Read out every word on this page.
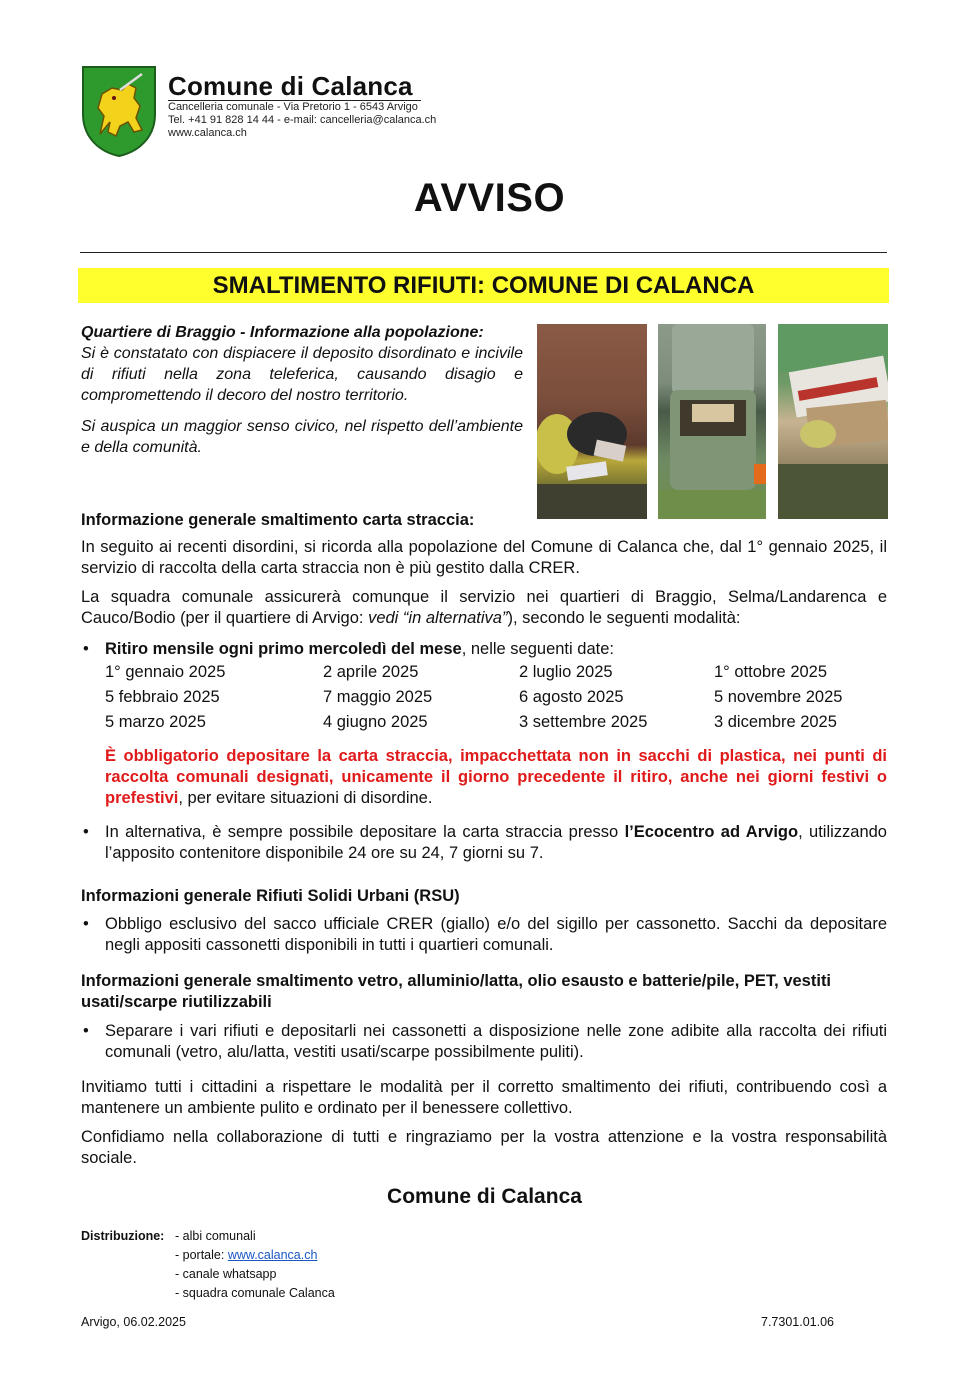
Comune di Calanca
Cancelleria comunale - Via Pretorio 1 - 6543 Arvigo
Tel. +41 91 828 14 44 - e-mail: cancelleria@calanca.ch
www.calanca.ch
AVVISO
SMALTIMENTO RIFIUTI: COMUNE DI CALANCA
Quartiere di Braggio - Informazione alla popolazione:

Si è constatato con dispiacere il deposito disordinato e incivile di rifiuti nella zona teleferica, causando disagio e compromettendo il decoro del nostro territorio.

Si auspica un maggior senso civico, nel rispetto dell’ambiente e della comunità.

Informazione generale smaltimento carta straccia:

In seguito ai recenti disordini, si ricorda alla popolazione del Comune di Calanca che, dal 1° gennaio 2025, il servizio di raccolta della carta straccia non è più gestito dalla CRER.

La squadra comunale assicurerà comunque il servizio nei quartieri di Braggio, Selma/Landarenca e Cauco/Bodio (per il quartiere di Arvigo: vedi “in alternativa”), secondo le seguenti modalità:

• Ritiro mensile ogni primo mercoledì del mese, nelle seguenti date:

1° gennaio 2025	2 aprile 2025	2 luglio 2025	1° ottobre 2025
5 febbraio 2025	7 maggio 2025	6 agosto 2025	5 novembre 2025
5 marzo 2025	4 giugno 2025	3 settembre 2025	3 dicembre 2025

È obbligatorio depositare la carta straccia, impacchettata non in sacchi di plastica, nei punti di raccolta comunali designati, unicamente il giorno precedente il ritiro, anche nei giorni festivi o prefestivi, per evitare situazioni di disordine.

• In alternativa, è sempre possibile depositare la carta straccia presso l’Ecocentro ad Arvigo, utilizzando l’apposito contenitore disponibile 24 ore su 24, 7 giorni su 7.

Informazioni generale Rifiuti Solidi Urbani (RSU)
• Obbligo esclusivo del sacco ufficiale CRER (giallo) e/o del sigillo per cassonetto. Sacchi da depositare negli appositi cassonetti disponibili in tutti i quartieri comunali.

Informazioni generale smaltimento vetro, alluminio/latta, olio esausto e batterie/pile, PET, vestiti usati/scarpe riutilizzabili
• Separare i vari rifiuti e depositarli nei cassonetti a disposizione nelle zone adibite alla raccolta dei rifiuti comunali (vetro, alu/latta, vestiti usati/scarpe possibilmente puliti).

Invitiamo tutti i cittadini a rispettare le modalità per il corretto smaltimento dei rifiuti, contribuendo così a mantenere un ambiente pulito e ordinato per il benessere collettivo.

Confidiamo nella collaborazione di tutti e ringraziamo per la vostra attenzione e la vostra responsabilità sociale.

Comune di Calanca
Distribuzione: - albi comunali
- portale: www.calanca.ch
- canale whatsapp
- squadra comunale Calanca
Arvigo, 06.02.2025	7.7301.01.06
